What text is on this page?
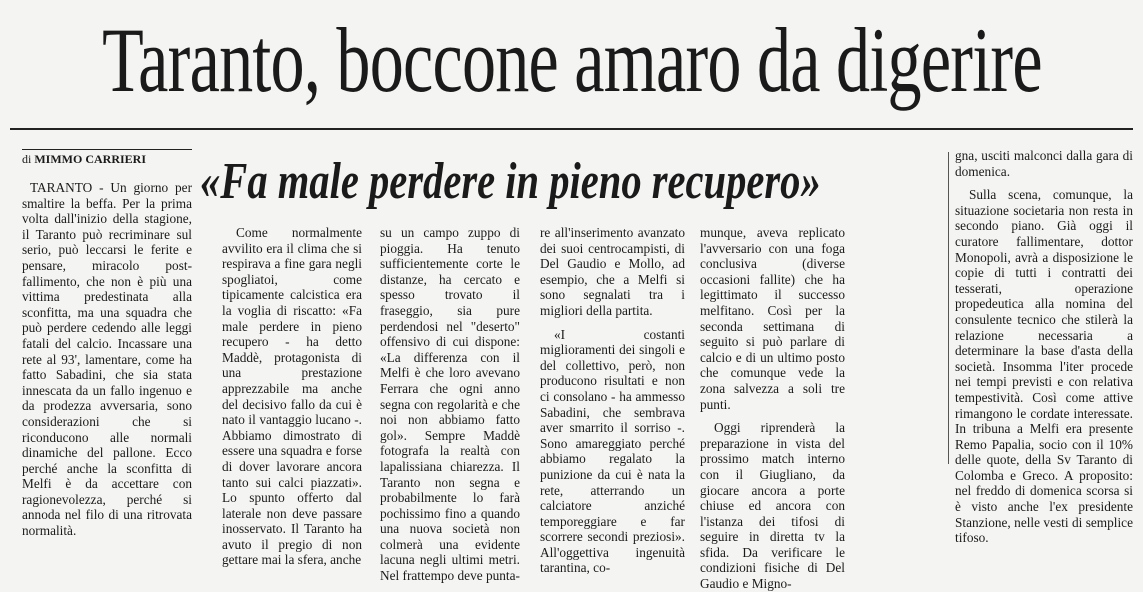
Taranto, boccone amaro da digerire
di MIMMO CARRIERI	«Fa male perdere in pieno recupero»

TARANTO - Un giorno per smaltire la beffa. Per la prima volta dall'inizio della stagione, il Taranto può recriminare sul serio, può leccarsi le ferite e pensare, miracolo post-fallimento, che non è più una vittima predestinata alla sconfitta, ma una squadra che può perdere cedendo alle leggi fatali del calcio. Incassare una rete al 93', lamentare, come ha fatto Sabadini, che sia stata innescata da un fallo ingenuo e da prodezza avversaria, sono considerazioni che si riconducono alle normali dinamiche del pallone. Ecco perché anche la sconfitta di Melfi è da accettare con ragionevolezza, perché si annoda nel filo di una ritrovata normalità.

Come normalmente avvilito era il clima che si respirava a fine gara negli spogliatoi, come tipicamente calcistica era la voglia di riscatto: «Fa male perdere in pieno recupero - ha detto Maddè, protagonista di una prestazione apprezzabile ma anche del decisivo fallo da cui è nato il vantaggio lucano -. Abbiamo dimostrato di essere una squadra e forse di dover lavorare ancora tanto sui calci piazzati». Lo spunto offerto dal laterale non deve passare inosservato. Il Taranto ha avuto il pregio di non gettare mai la sfera, anche

su un campo zuppo di pioggia. Ha tenuto sufficientemente corte le distanze, ha cercato e spesso trovato il fraseggio, sia pure perdendosi nel "deserto" offensivo di cui dispone: «La differenza con il Melfi è che loro avevano Ferrara che ogni anno segna con regolarità e che noi non abbiamo fatto gol». Sempre Maddè fotografa la realtà con lapalissiana chiarezza. Il Taranto non segna e probabilmente lo farà pochissimo fino a quando una nuova società non colmerà una evidente lacuna negli ultimi metri. Nel frattempo deve punta-

re all'inserimento avanzato dei suoi centrocampisti, di Del Gaudio e Mollo, ad esempio, che a Melfi si sono segnalati tra i migliori della partita.

«I costanti miglioramenti dei singoli e del collettivo, però, non producono risultati e non ci consolano - ha ammesso Sabadini, che sembrava aver smarrito il sorriso -. Sono amareggiato perché abbiamo regalato la punizione da cui è nata la rete, atterrando un calciatore anziché temporeggiare e far scorrere secondi preziosi». All'oggettiva ingenuità tarantina, co-

munque, aveva replicato l'avversario con una foga conclusiva (diverse occasioni fallite) che ha legittimato il successo melfitano. Così per la seconda settimana di seguito si può parlare di calcio e di un ultimo posto che comunque vede la zona salvezza a soli tre punti.

Oggi riprenderà la preparazione in vista del prossimo match interno con il Giugliano, da giocare ancora a porte chiuse ed ancora con l'istanza dei tifosi di seguire in diretta tv la sfida. Da verificare le condizioni fisiche di Del Gaudio e Migno-

gna, usciti malconci dalla gara di domenica.

Sulla scena, comunque, la situazione societaria non resta in secondo piano. Già oggi il curatore fallimentare, dottor Monopoli, avrà a disposizione le copie di tutti i contratti dei tesserati, operazione propedeutica alla nomina del consulente tecnico che stilerà la relazione necessaria a determinare la base d'asta della società. Insomma l'iter procede nei tempi previsti e con relativa tempestività. Così come attive rimangono le cordate interessate. In tribuna a Melfi era presente Remo Papalia, socio con il 10% delle quote, della Sv Taranto di Colomba e Greco. A proposito: nel freddo di domenica scorsa si è visto anche l'ex presidente Stanzione, nelle vesti di semplice tifoso.
